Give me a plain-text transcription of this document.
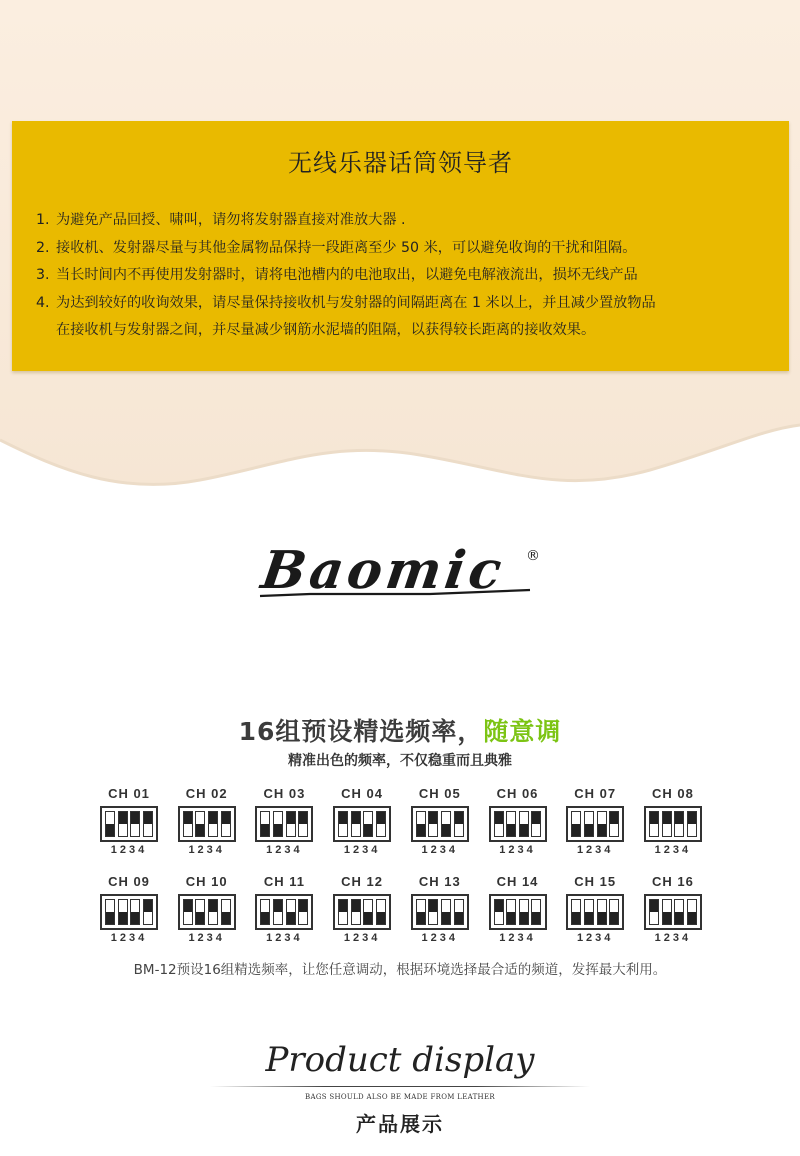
无线乐器话筒领导者
1. 为避免产品回授、啸叫，请勿将发射器直接对准放大器 .
2. 接收机、发射器尽量与其他金属物品保持一段距离至少 50 米，可以避免收询的干扰和阻隔。
3. 当长时间内不再使用发射器时，请将电池槽内的电池取出，以避免电解液流出，损坏无线产品
4. 为达到较好的收询效果，请尽量保持接收机与发射器的间隔距离在 1 米以上，并且减少置放物品
在接收机与发射器之间，并尽量减少钢筋水泥墙的阻隔，以获得较长距离的接收效果。
Baomic ®
16组预设精选频率，随意调
精准出色的频率，不仅稳重而且典雅
CH 01
1234
CH 02
1234
CH 03
1234
CH 04
1234
CH 05
1234
CH 06
1234
CH 07
1234
CH 08
1234
CH 09
1234
CH 10
1234
CH 11
1234
CH 12
1234
CH 13
1234
CH 14
1234
CH 15
1234
CH 16
1234
BM-12预设16组精选频率，让您任意调动，根据环境选择最合适的频道，发挥最大利用。
Product display
BAGS SHOULD ALSO BE MADE FROM LEATHER
产品展示
